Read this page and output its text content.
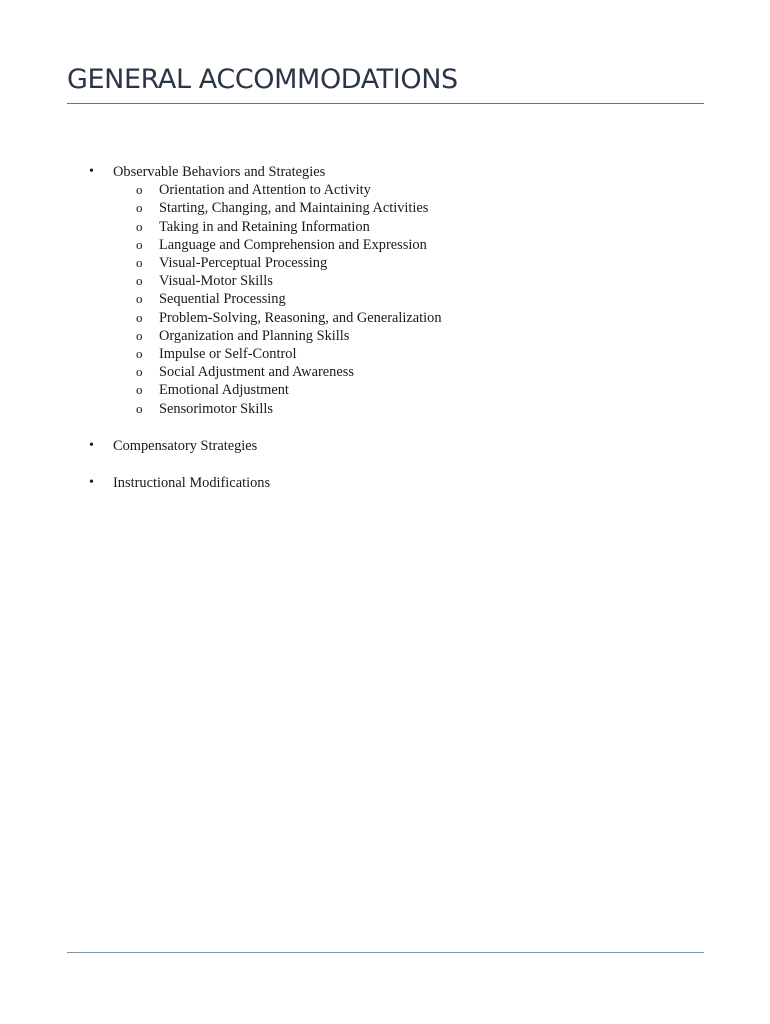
GENERAL ACCOMMODATIONS
• Observable Behaviors and Strategies
o Orientation and Attention to Activity
o Starting, Changing, and Maintaining Activities
o Taking in and Retaining Information
o Language and Comprehension and Expression
o Visual-Perceptual Processing
o Visual-Motor Skills
o Sequential Processing
o Problem-Solving, Reasoning, and Generalization
o Organization and Planning Skills
o Impulse or Self-Control
o Social Adjustment and Awareness
o Emotional Adjustment
o Sensorimotor Skills
• Compensatory Strategies
• Instructional Modifications
